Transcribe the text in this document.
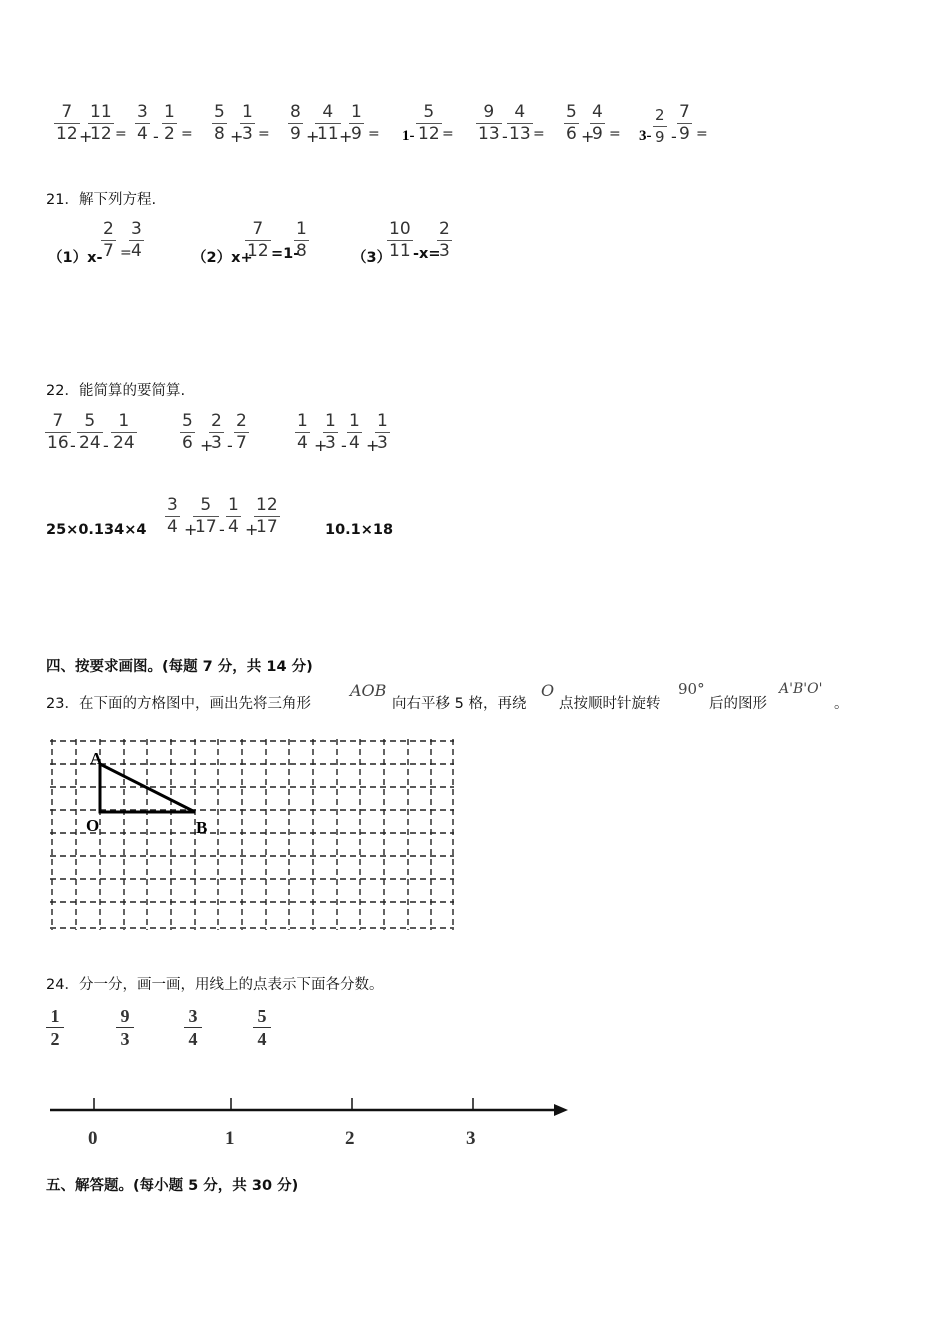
$\frac{7}{12}$ +
$\frac{11}{12} = \frac{3}{4} - \frac{1}{2} = \frac{5}{8}$ +
$\frac{1}{3} = \frac{8}{9}$ +
$\frac{4}{11}$
+
$\frac{1}{9} = 1- \frac{5}{12} = \frac{9}{13} - \frac{4}{13} = \frac{5}{6}$ +
$\frac{4}{9} = 3- \frac{2}{9} - \frac{7}{9}$ =
21．解下列方程.
（1）x-
$\frac{2}{7}$ =
$\frac{3}{4}$	（2）x+
$\frac{7}{12} =1-$
$\frac{1}{8}$	（3）
$\frac{10}{11} -x=$
$\frac{2}{3}$
22．能简算的要简算.
$\frac{7}{16} - \frac{5}{24} - \frac{1}{24}$	$\frac{5}{6}$ +
$\frac{2}{3} - \frac{2}{7}$	$\frac{1}{4}$ +
$\frac{1}{3} - \frac{1}{4}$ +
$\frac{1}{3}$
$25\times 0.134\times 4 \frac{3}{4}$ +
$\frac{5}{17} - \frac{1}{4}$ +
$\frac{12}{17}$	10.1×18
四、按要求画图。(每题 7 分，共 14 分)
23．在下面的方格图中，画出先将三角形
AOB
向右平移 5 格，再绕
O
点按顺时针旋转
90°
后的图形
A'B'O'
。
A
O	B
24．分一分，画一画，用线上的点表示下面各分数。
1
2
9
3
3
4
5
4
0	1	2	3
五、解答题。(每小题 5 分，共 30 分)
